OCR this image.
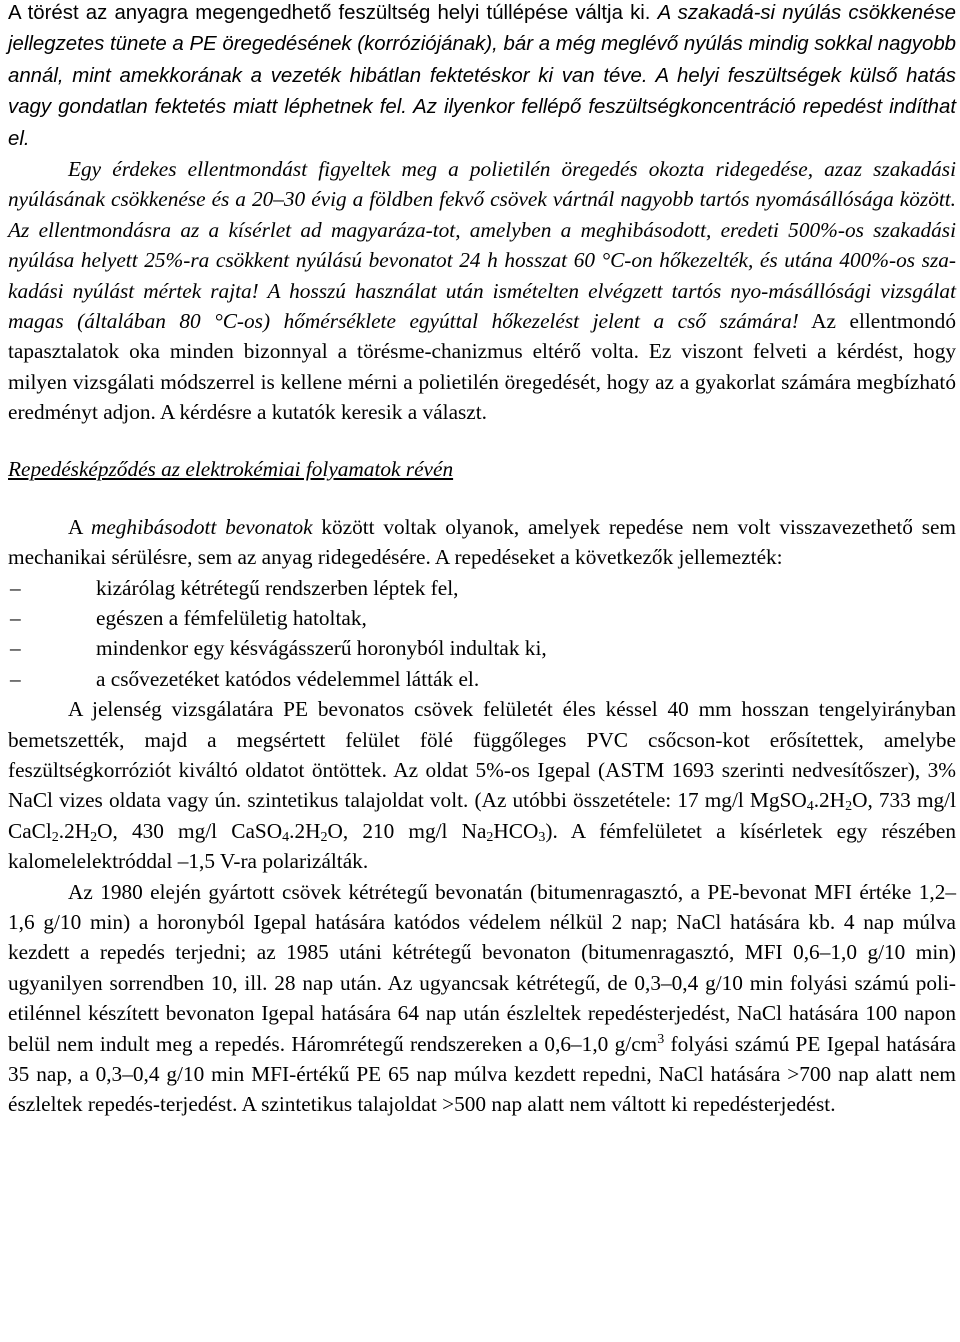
A törést az anyagra megengedhető feszültség helyi túllépése váltja ki. A szakadá-si nyúlás csökkenése jellegzetes tünete a PE öregedésének (korróziójának), bár a még meglévő nyúlás mindig sokkal nagyobb annál, mint amekkorának a vezeték hibátlan fektetéskor ki van téve. A helyi feszültségek külső hatás vagy gondatlan fektetés miatt léphetnek fel. Az ilyenkor fellépő feszültségkoncentráció repedést indíthat el.
Egy érdekes ellentmondást figyeltek meg a polietilén öregedés okozta ridegedése, azaz szakadási nyúlásának csökkenése és a 20–30 évig a földben fekvő csövek vártnál nagyobb tartós nyomásállósága között. Az ellentmondásra az a kísérlet ad magyaráza-tot, amelyben a meghibásodott, eredeti 500%-os szakadási nyúlása helyett 25%-ra csökkent nyúlású bevonatot 24 h hosszat 60 °C-on hőkezelték, és utána 400%-os sza-kadási nyúlást mértek rajta! A hosszú használat után ismételten elvégzett tartós nyo-másállósági vizsgálat magas (általában 80 °C-os) hőmérséklete egyúttal hőkezelést jelent a cső számára! Az ellentmondó tapasztalatok oka minden bizonnyal a törésme-chanizmus eltérő volta. Ez viszont felveti a kérdést, hogy milyen vizsgálati módszerrel is kellene mérni a polietilén öregedését, hogy az a gyakorlat számára megbízható eredményt adjon. A kérdésre a kutatók keresik a választ.

Repedésképződés az elektrokémiai folyamatok révén

A meghibásodott bevonatok között voltak olyanok, amelyek repedése nem volt visszavezethető sem mechanikai sérülésre, sem az anyag ridegedésére. A repedéseket a következők jellemezték:

–	kizárólag kétrétegű rendszerben léptek fel,
–	egészen a fémfelületig hatoltak,
–	mindenkor egy késvágásszerű horonyból indultak ki,
–	a csővezetéket katódos védelemmel látták el.

A jelenség vizsgálatára PE bevonatos csövek felületét éles késsel 40 mm hosszan tengelyirányban bemetszették, majd a megsértett felület fölé függőleges PVC csőcson-kot erősítettek, amelybe feszültségkorróziót kiváltó oldatot öntöttek. Az oldat 5%-os Igepal (ASTM 1693 szerinti nedvesítőszer), 3% NaCl vizes oldata vagy ún. szintetikus talajoldat volt. (Az utóbbi összetétele: 17 mg/l $MgSO_4.2H_2O$, 733 mg/l $CaCl_2.2H_2O$, 430 mg/l $CaSO_4.2H_2O$, 210 mg/l $Na_2HCO_3$). A fémfelületet a kísérletek egy részében kalomelelektróddal –1,5 V-ra polarizálták.

Az 1980 elején gyártott csövek kétrétegű bevonatán (bitumenragasztó, a PE-bevonat MFI értéke 1,2–1,6 g/10 min) a horonyból Igepal hatására katódos védelem nélkül 2 nap; NaCl hatására kb. 4 nap múlva kezdett a repedés terjedni; az 1985 utáni kétrétegű bevonaton (bitumenragasztó, MFI 0,6–1,0 g/10 min) ugyanilyen sorrendben 10, ill. 28 nap után. Az ugyancsak kétrétegű, de 0,3–0,4 g/10 min folyási számú poli-etilénnel készített bevonaton Igepal hatására 64 nap után észleltek repedésterjedést, NaCl hatására 100 napon belül nem indult meg a repedés. Háromrétegű rendszereken a 0,6–1,0 $g/cm^3$ folyási számú PE Igepal hatására 35 nap, a 0,3–0,4 g/10 min MFI-értékű PE 65 nap múlva kezdett repedni, NaCl hatására >700 nap alatt nem észleltek repedés-terjedést. A szintetikus talajoldat >500 nap alatt nem váltott ki repedésterjedést.
